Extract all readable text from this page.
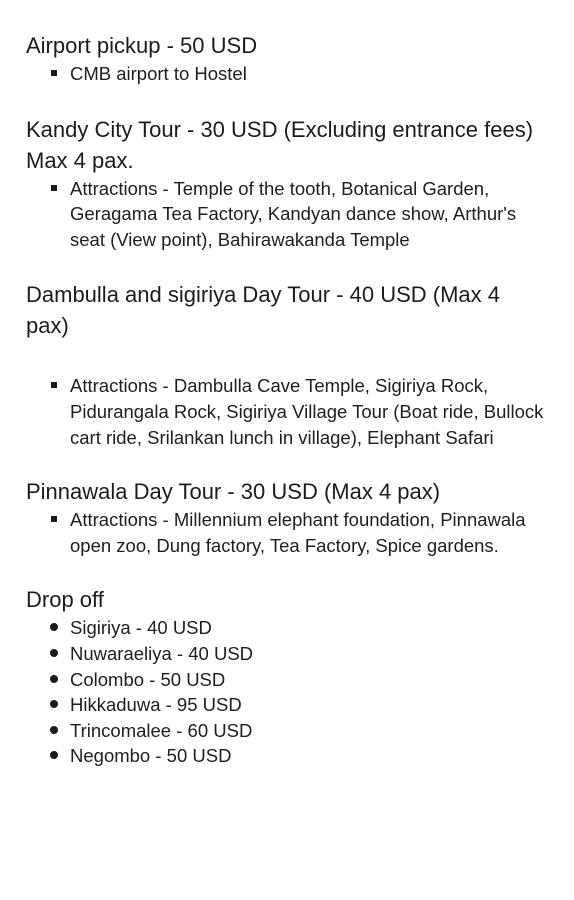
Airport pickup - 50 USD
CMB airport to Hostel
Kandy City Tour - 30 USD (Excluding entrance fees) Max 4 pax.
Attractions - Temple of the tooth, Botanical Garden, Geragama Tea Factory, Kandyan dance show, Arthur's seat (View point), Bahirawakanda Temple
Dambulla and sigiriya Day Tour - 40 USD (Max 4 pax)
Attractions - Dambulla Cave Temple, Sigiriya Rock, Pidurangala Rock, Sigiriya Village Tour (Boat ride, Bullock cart ride, Srilankan lunch in village), Elephant Safari
Pinnawala Day Tour - 30 USD (Max 4 pax)
Attractions - Millennium elephant foundation, Pinnawala open zoo, Dung factory, Tea Factory, Spice gardens.
Drop off
Sigiriya - 40 USD
Nuwaraeliya - 40 USD
Colombo - 50 USD
Hikkaduwa - 95 USD
Trincomalee - 60 USD
Negombo - 50 USD
